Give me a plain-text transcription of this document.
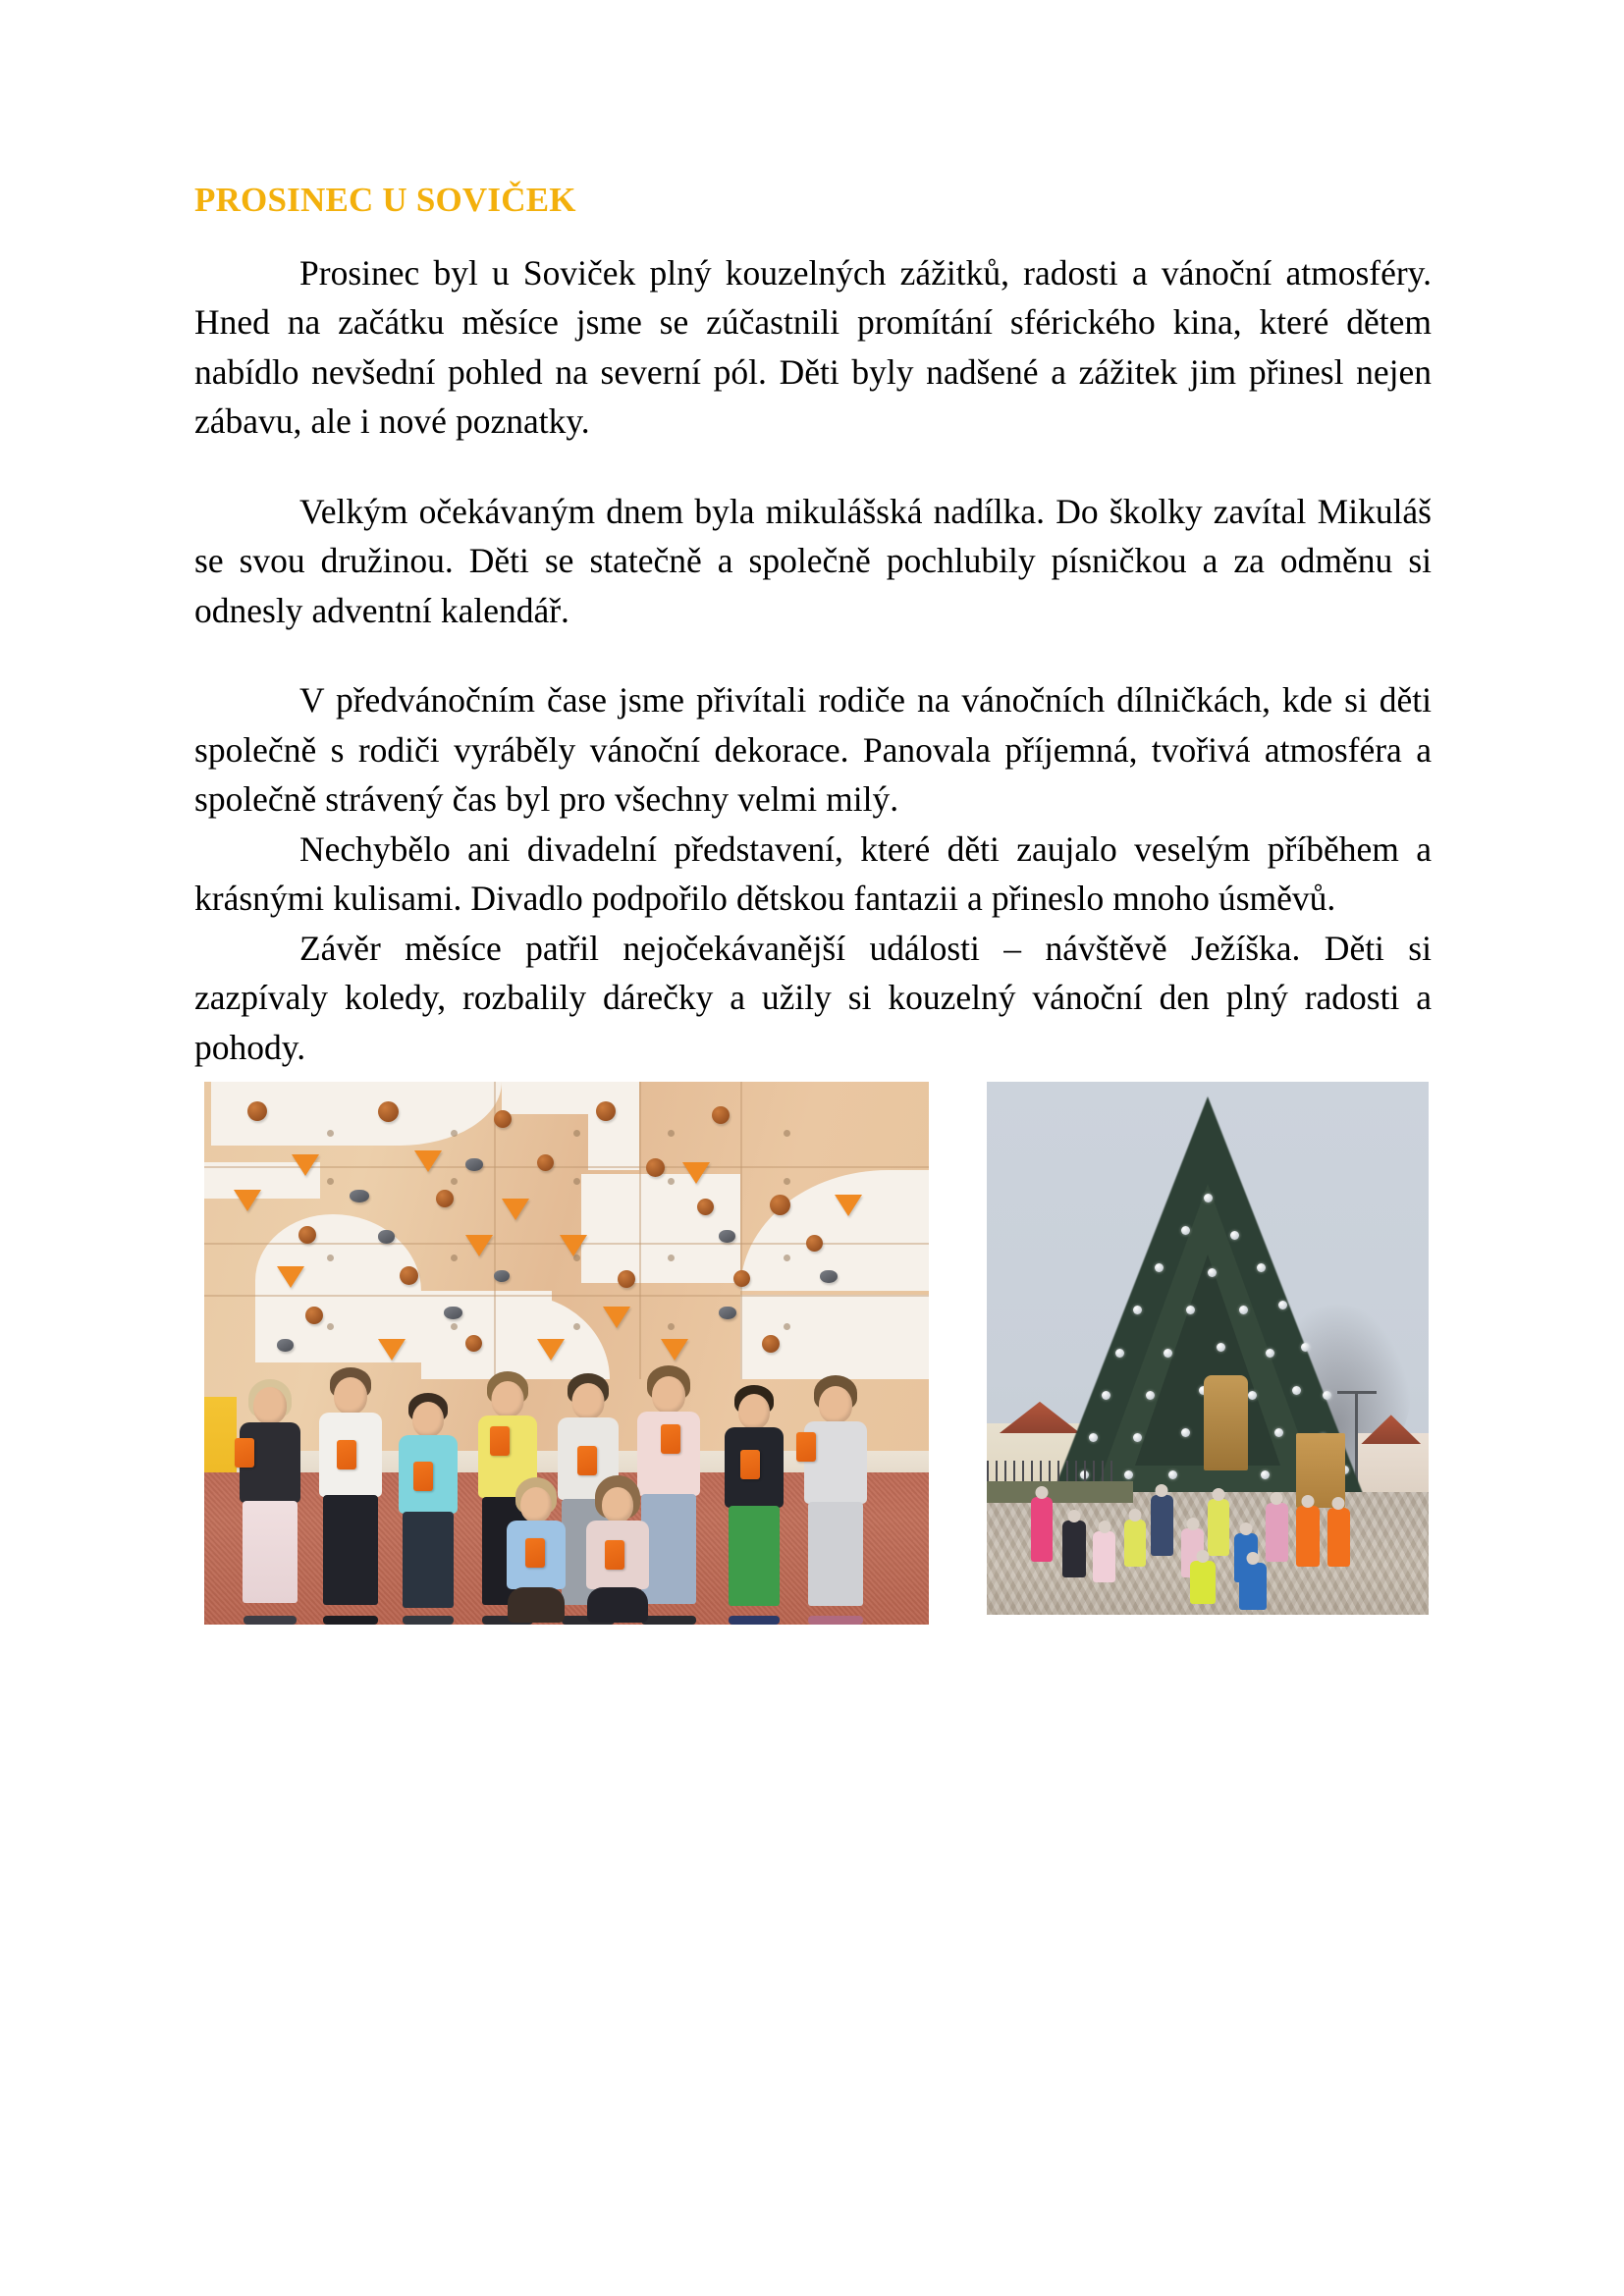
PROSINEC U SOVIČEK

Prosinec byl u Soviček plný kouzelných zážitků, radosti a vánoční atmosféry. Hned na začátku měsíce jsme se zúčastnili promítání sférického kina, které dětem nabídlo nevšední pohled na severní pól. Děti byly nadšené a zážitek jim přinesl nejen zábavu, ale i nové poznatky.

Velkým očekávaným dnem byla mikulášská nadílka. Do školky zavítal Mikuláš se svou družinou. Děti se statečně a společně pochlubily písničkou a za odměnu si odnesly adventní kalendář.

V předvánočním čase jsme přivítali rodiče na vánočních dílničkách, kde si děti společně s rodiči vyráběly vánoční dekorace. Panovala příjemná, tvořivá atmosféra a společně strávený čas byl pro všechny velmi milý.

Nechybělo ani divadelní představení, které děti zaujalo veselým příběhem a krásnými kulisami. Divadlo podpořilo dětskou fantazii a přineslo mnoho úsměvů.

Závěr měsíce patřil nejočekávanější události – návštěvě Ježíška. Děti si zazpívaly koledy, rozbalily dárečky a užily si kouzelný vánoční den plný radosti a pohody.
